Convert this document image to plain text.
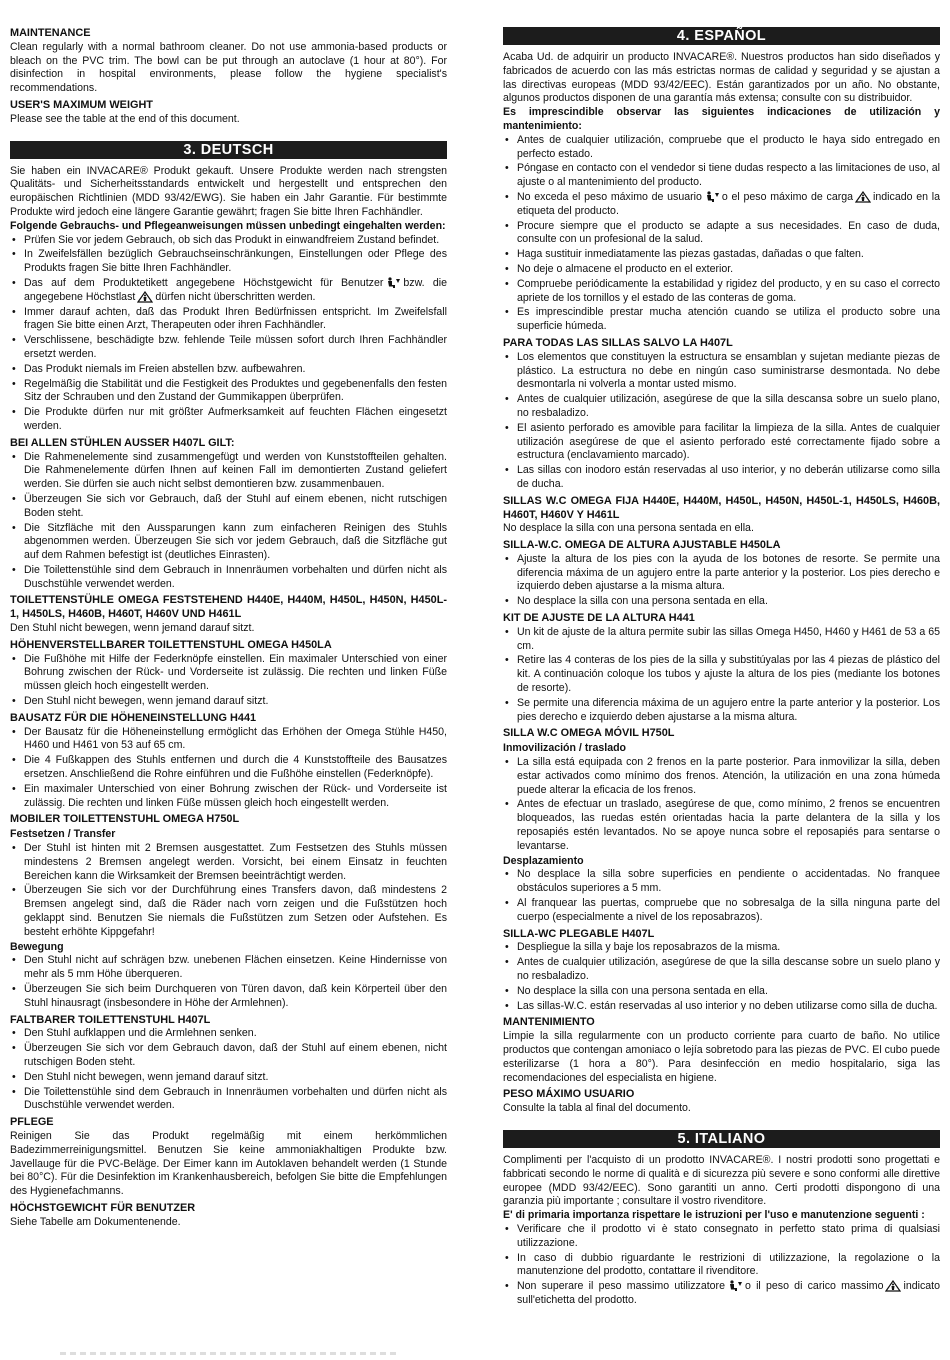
MAINTENANCE

Clean regularly with a normal bathroom cleaner. Do not use ammonia-based products or bleach on the PVC trim. The bowl can be put through an autoclave (1 hour at 80°). For disinfection in hospital environments, please follow the hygiene specialist's recommendations.

USER'S MAXIMUM WEIGHT

Please see the table at the end of this document.

3. DEUTSCH

Sie haben ein INVACARE® Produkt gekauft. Unsere Produkte werden nach strengsten Qualitäts- und Sicherheitsstandards entwickelt und hergestellt und entsprechen den europäischen Richtlinien (MDD 93/42/EWG). Sie haben ein Jahr Garantie. Für bestimmte Produkte wird jedoch eine längere Garantie gewährt; fragen Sie bitte Ihren Fachhändler.

Folgende Gebrauchs- und Pflegeanweisungen müssen unbedingt eingehalten werden:

• Prüfen Sie vor jedem Gebrauch, ob sich das Produkt in einwandfreiem Zustand befindet.
• In Zweifelsfällen bezüglich Gebrauchseinschränkungen, Einstellungen oder Pflege des Produkts fragen Sie bitte Ihren Fachhändler.
• Das auf dem Produktetikett angegebene Höchstgewicht für Benutzer bzw. die angegebene Höchstlast dürfen nicht überschritten werden.
• Immer darauf achten, daß das Produkt Ihren Bedürfnissen entspricht. Im Zweifelsfall fragen Sie bitte einen Arzt, Therapeuten oder ihren Fachhändler.
• Verschlissene, beschädigte bzw. fehlende Teile müssen sofort durch Ihren Fachhändler ersetzt werden.
• Das Produkt niemals im Freien abstellen bzw. aufbewahren.
• Regelmäßig die Stabilität und die Festigkeit des Produktes und gegebenenfalls den festen Sitz der Schrauben und den Zustand der Gummikappen überprüfen.
• Die Produkte dürfen nur mit größter Aufmerksamkeit auf feuchten Flächen eingesetzt werden.
BEI ALLEN STÜHLEN AUSSER H407L GILT:
• Die Rahmenelemente sind zusammengefügt und werden von Kunststoffteilen gehalten. Die Rahmenelemente dürfen Ihnen auf keinen Fall im demontierten Zustand geliefert werden. Sie dürfen sie auch nicht selbst demontieren bzw. zusammenbauen.
• Überzeugen Sie sich vor Gebrauch, daß der Stuhl auf einem ebenen, nicht rutschigen Boden steht.
• Die Sitzfläche mit den Aussparungen kann zum einfacheren Reinigen des Stuhls abgenommen werden. Überzeugen Sie sich vor jedem Gebrauch, daß die Sitzfläche gut auf dem Rahmen befestigt ist (deutliches Einrasten).
• Die Toilettenstühle sind dem Gebrauch in Innenräumen vorbehalten und dürfen nicht als Duschstühle verwendet werden.
TOILETTENSTÜHLE OMEGA FESTSTEHEND H440E, H440M, H450L, H450N, H450L-1, H450LS, H460B, H460T, H460V UND H461L

Den Stuhl nicht bewegen, wenn jemand darauf sitzt.

HÖHENVERSTELLBARER TOILETTENSTUHL OMEGA H450LA
• Die Fußhöhe mit Hilfe der Federknöpfe einstellen. Ein maximaler Unterschied von einer Bohrung zwischen der Rück- und Vorderseite ist zulässig. Die rechten und linken Füße müssen gleich hoch eingestellt werden.
• Den Stuhl nicht bewegen, wenn jemand darauf sitzt.
BAUSATZ FÜR DIE HÖHENEINSTELLUNG H441
• Der Bausatz für die Höheneinstellung ermöglicht das Erhöhen der Omega Stühle H450, H460 und H461 von 53 auf 65 cm.
• Die 4 Fußkappen des Stuhls entfernen und durch die 4 Kunststoffteile des Bausatzes ersetzen. Anschließend die Rohre einführen und die Fußhöhe einstellen (Federknöpfe).
• Ein maximaler Unterschied von einer Bohrung zwischen der Rück- und Vorderseite ist zulässig. Die rechten und linken Füße müssen gleich hoch eingestellt werden.
MOBILER TOILETTENSTUHL OMEGA H750L
Festsetzen / Transfer
• Der Stuhl ist hinten mit 2 Bremsen ausgestattet. Zum Festsetzen des Stuhls müssen mindestens 2 Bremsen angelegt werden. Vorsicht, bei einem Einsatz in feuchten Bereichen kann die Wirksamkeit der Bremsen beeinträchtigt werden.
• Überzeugen Sie sich vor der Durchführung eines Transfers davon, daß mindestens 2 Bremsen angelegt sind, daß die Räder nach vorn zeigen und die Fußstützen hoch geklappt sind. Benutzen Sie niemals die Fußstützen zum Setzen oder Aufstehen. Es besteht erhöhte Kippgefahr!
Bewegung
• Den Stuhl nicht auf schrägen bzw. unebenen Flächen einsetzen. Keine Hindernisse von mehr als 5 mm Höhe überqueren.
• Überzeugen Sie sich beim Durchqueren von Türen davon, daß kein Körperteil über den Stuhl hinausragt (insbesondere in Höhe der Armlehnen).
FALTBARER TOILETTENSTUHL H407L
• Den Stuhl aufklappen und die Armlehnen senken.
• Überzeugen Sie sich vor dem Gebrauch davon, daß der Stuhl auf einem ebenen, nicht rutschigen Boden steht.
• Den Stuhl nicht bewegen, wenn jemand darauf sitzt.
• Die Toilettenstühle sind dem Gebrauch in Innenräumen vorbehalten und dürfen nicht als Duschstühle verwendet werden.
PFLEGE

Reinigen Sie das Produkt regelmäßig mit einem herkömmlichen Badezimmerreinigungsmittel. Benutzen Sie keine ammoniakhaltigen Produkte bzw. Javellauge für die PVC-Beläge. Der Eimer kann im Autoklaven behandelt werden (1 Stunde bei 80°C). Für die Desinfektion im Krankenhausbereich, befolgen Sie bitte die Empfehlungen des Hygienefachmanns.

HÖCHSTGEWICHT FÜR BENUTZER

Siehe Tabelle am Dokumentenende.

4. ESPAÑOL

Acaba Ud. de adquirir un producto INVACARE®. Nuestros productos han sido diseñados y fabricados de acuerdo con las más estrictas normas de calidad y seguridad y se ajustan a las directivas europeas (MDD 93/42/EEC). Están garantizados por un año. No obstante, algunos productos disponen de una garantía más extensa; consulte con su distribuidor.

Es imprescindible observar las siguientes indicaciones de utilización y mantenimiento:

• Antes de cualquier utilización, compruebe que el producto le haya sido entregado en perfecto estado.
• Póngase en contacto con el vendedor si tiene dudas respecto a las limitaciones de uso, al ajuste o al mantenimiento del producto.
• No exceda el peso máximo de usuario o el peso máximo de carga indicado en la etiqueta del producto.
• Procure siempre que el producto se adapte a sus necesidades. En caso de duda, consulte con un profesional de la salud.
• Haga sustituir inmediatamente las piezas gastadas, dañadas o que falten.
• No deje o almacene el producto en el exterior.
• Compruebe periódicamente la estabilidad y rigidez del producto, y en su caso el correcto apriete de los tornillos y el estado de las conteras de goma.
• Es imprescindible prestar mucha atención cuando se utiliza el producto sobre una superficie húmeda.
PARA TODAS LAS SILLAS SALVO LA H407L
• Los elementos que constituyen la estructura se ensamblan y sujetan mediante piezas de plástico. La estructura no debe en ningún caso suministrarse desmontada. No debe desmontarla ni volverla a montar usted mismo.
• Antes de cualquier utilización, asegúrese de que la silla descansa sobre un suelo plano, no resbaladizo.
• El asiento perforado es amovible para facilitar la limpieza de la silla. Antes de cualquier utilización asegúrese de que el asiento perforado esté correctamente fijado sobre a estructura (enclavamiento marcado).
• Las sillas con inodoro están reservadas al uso interior, y no deberán utilizarse como silla de ducha.
SILLAS W.C OMEGA FIJA H440E, H440M, H450L, H450N, H450L-1, H450LS, H460B, H460T, H460V Y H461L

No desplace la silla con una persona sentada en ella.

SILLA-W.C. OMEGA DE ALTURA AJUSTABLE H450LA
• Ajuste la altura de los pies con la ayuda de los botones de resorte. Se permite una diferencia máxima de un agujero entre la parte anterior y la posterior. Los pies derecho e izquierdo deben ajustarse a la misma altura.
• No desplace la silla con una persona sentada en ella.
KIT DE AJUSTE DE LA ALTURA H441
• Un kit de ajuste de la altura permite subir las sillas Omega H450, H460 y H461 de 53 a 65 cm.
• Retire las 4 conteras de los pies de la silla y substitúyalas por las 4 piezas de plástico del kit. A continuación coloque los tubos y ajuste la altura de los pies (mediante los botones de resorte).
• Se permite una diferencia máxima de un agujero entre la parte anterior y la posterior. Los pies derecho e izquierdo deben ajustarse a la misma altura.
SILLA W.C OMEGA MÓVIL H750L
Inmovilización / traslado
• La silla está equipada con 2 frenos en la parte posterior. Para inmovilizar la silla, deben estar activados como mínimo dos frenos. Atención, la utilización en una zona húmeda puede alterar la eficacia de los frenos.
• Antes de efectuar un traslado, asegúrese de que, como mínimo, 2 frenos se encuentren bloqueados, las ruedas estén orientadas hacia la parte delantera de la silla y los reposapiés estén levantados. No se apoye nunca sobre el reposapiés para sentarse o levantarse.
Desplazamiento
• No desplace la silla sobre superficies en pendiente o accidentadas. No franquee obstáculos superiores a 5 mm.
• Al franquear las puertas, compruebe que no sobresalga de la silla ninguna parte del cuerpo (especialmente a nivel de los reposabrazos).
SILLA-WC PLEGABLE H407L
• Despliegue la silla y baje los reposabrazos de la misma.
• Antes de cualquier utilización, asegúrese de que la silla descanse sobre un suelo plano y no resbaladizo.
• No desplace la silla con una persona sentada en ella.
• Las sillas-W.C. están reservadas al uso interior y no deben utilizarse como silla de ducha.
MANTENIMIENTO

Limpie la silla regularmente con un producto corriente para cuarto de baño. No utilice productos que contengan amoniaco o lejía sobretodo para las piezas de PVC. El cubo puede esterilizarse (1 hora a 80°). Para desinfección en medio hospitalario, siga las recomendaciones del especialista en higiene.

PESO MÁXIMO USUARIO

Consulte la tabla al final del documento.

5. ITALIANO

Complimenti per l'acquisto di un prodotto INVACARE®. I nostri prodotti sono progettati e fabbricati secondo le norme di qualità e di sicurezza più severe e sono conformi alle direttive europee (MDD 93/42/EEC). Sono garantiti un anno. Certi prodotti dispongono di una garanzia più importante ; consultare il vostro rivenditore.

E' di primaria importanza rispettare le istruzioni per l'uso e manutenzione seguenti :

• Verificare che il prodotto vi è stato consegnato in perfetto stato prima di qualsiasi utilizzazione.
• In caso di dubbio riguardante le restrizioni di utilizzazione, la regolazione o la manutenzione del prodotto, contattare il rivenditore.
• Non superare il peso massimo utilizzatore o il peso di carico massimo indicato sull'etichetta del prodotto.
